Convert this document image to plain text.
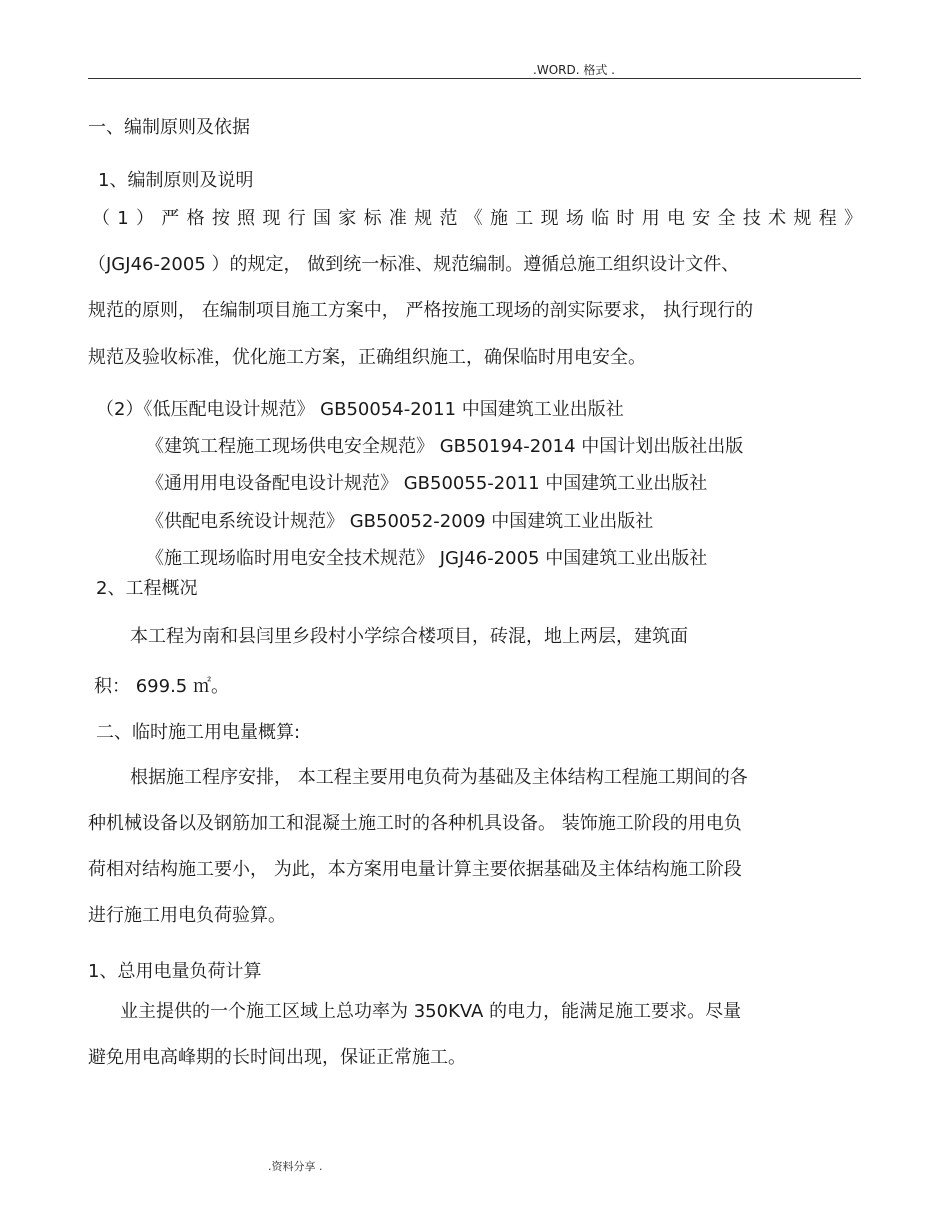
.WORD. 格式 .
一、编制原则及依据
1、编制原则及说明
（1）严格按照现行国家标准规范《施工现场临时用电安全技术规程》
（JGJ46-2005 ）的规定， 做到统一标准、规范编制。遵循总施工组织设计文件、
规范的原则， 在编制项目施工方案中， 严格按施工现场的剖实际要求， 执行现行的
规范及验收标准，优化施工方案，正确组织施工，确保临时用电安全。
（2）《低压配电设计规范》 GB50054-2011 中国建筑工业出版社
《建筑工程施工现场供电安全规范》 GB50194-2014 中国计划出版社出版
《通用用电设备配电设计规范》 GB50055-2011 中国建筑工业出版社
《供配电系统设计规范》 GB50052-2009 中国建筑工业出版社
《施工现场临时用电安全技术规范》 JGJ46-2005 中国建筑工业出版社
2、工程概况
本工程为南和县闫里乡段村小学综合楼项目，砖混，地上两层，建筑面
积： 699.5 ㎡。
二、临时施工用电量概算:
根据施工程序安排， 本工程主要用电负荷为基础及主体结构工程施工期间的各
种机械设备以及钢筋加工和混凝土施工时的各种机具设备。 装饰施工阶段的用电负
荷相对结构施工要小， 为此，本方案用电量计算主要依据基础及主体结构施工阶段
进行施工用电负荷验算。
1、总用电量负荷计算
业主提供的一个施工区域上总功率为 350KVA 的电力，能满足施工要求。尽量
避免用电高峰期的长时间出现，保证正常施工。
.资料分享 .
